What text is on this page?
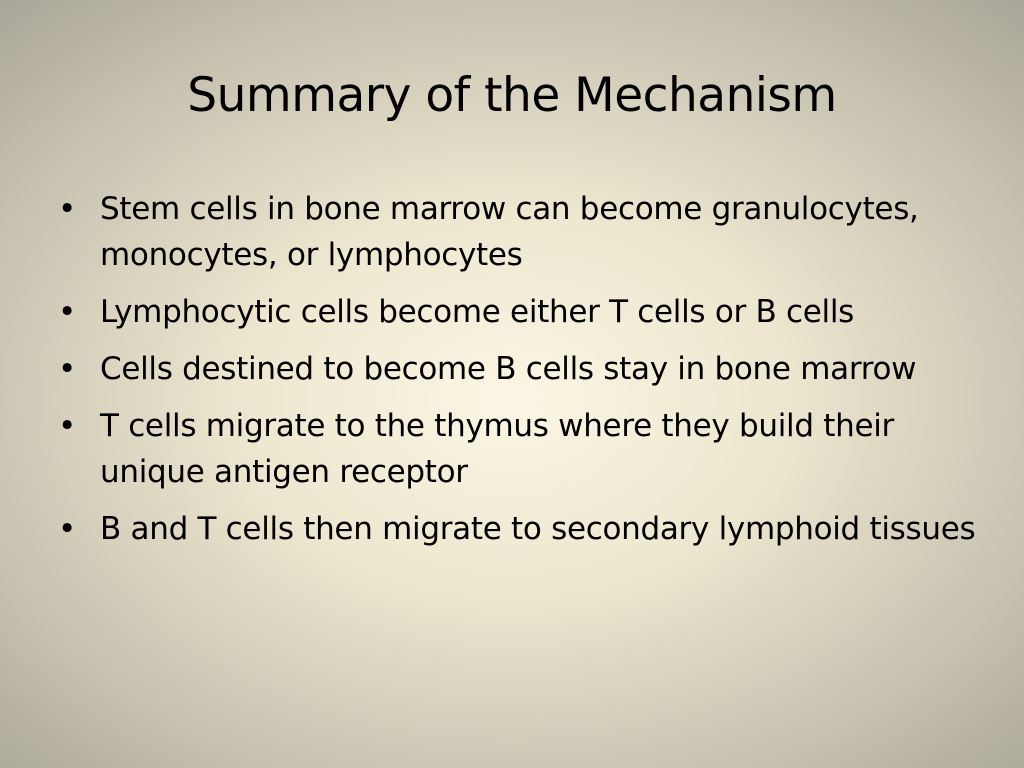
Summary of the Mechanism
• Stem cells in bone marrow can become granulocytes, monocytes, or lymphocytes
• Lymphocytic cells become either T cells or B cells
• Cells destined to become B cells stay in bone marrow
• T cells migrate to the thymus where they build their unique antigen receptor
• B and T cells then migrate to secondary lymphoid tissues
